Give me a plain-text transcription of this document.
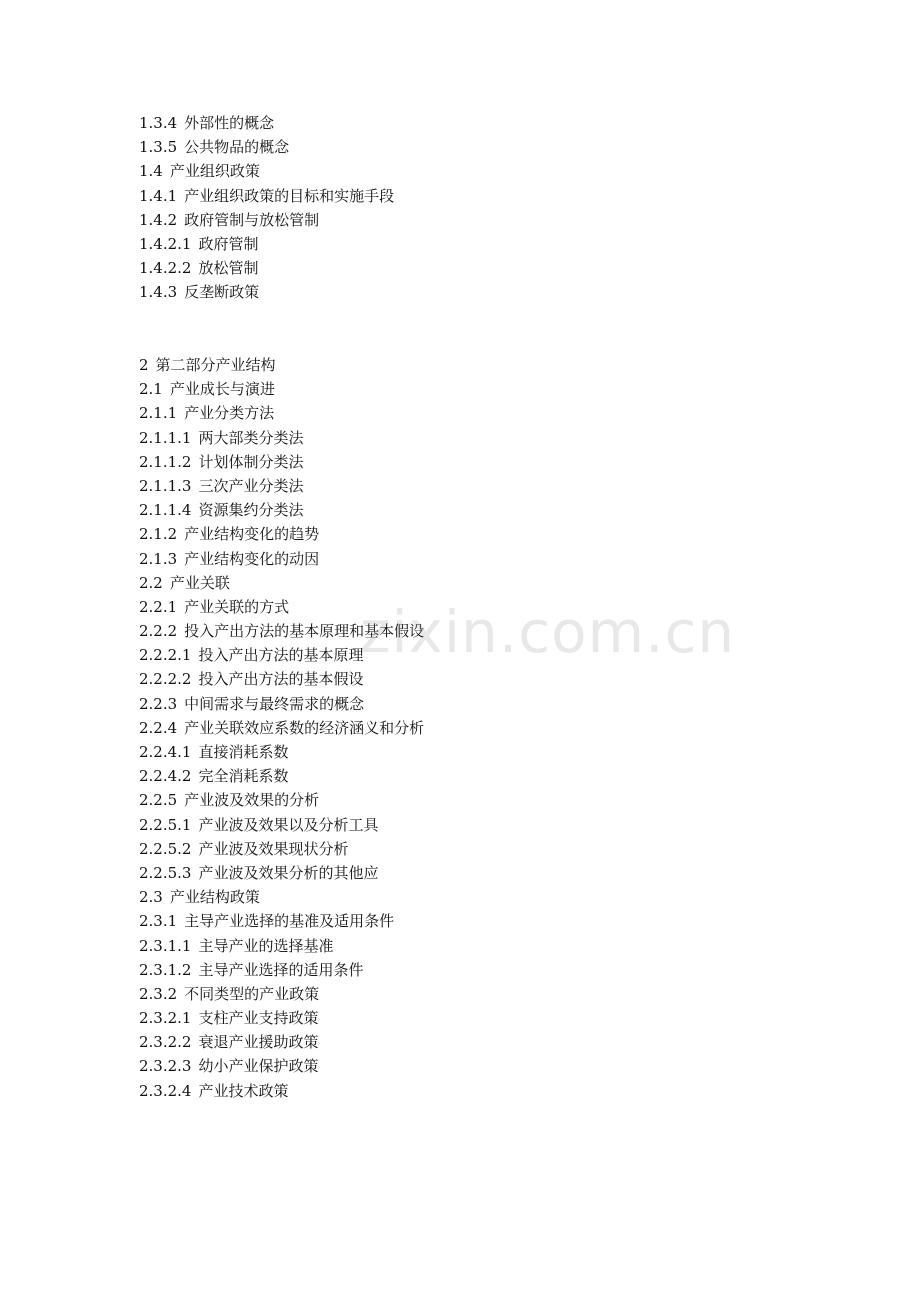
1.3.4 外部性的概念
1.3.5 公共物品的概念
1.4 产业组织政策
1.4.1 产业组织政策的目标和实施手段
1.4.2 政府管制与放松管制
1.4.2.1 政府管制
1.4.2.2 放松管制
1.4.3 反垄断政策
2 第二部分产业结构
2.1 产业成长与演进
2.1.1 产业分类方法
2.1.1.1 两大部类分类法
2.1.1.2 计划体制分类法
2.1.1.3 三次产业分类法
2.1.1.4 资源集约分类法
2.1.2 产业结构变化的趋势
2.1.3 产业结构变化的动因
2.2 产业关联
2.2.1 产业关联的方式
2.2.2 投入产出方法的基本原理和基本假设
2.2.2.1 投入产出方法的基本原理
2.2.2.2 投入产出方法的基本假设
2.2.3 中间需求与最终需求的概念
2.2.4 产业关联效应系数的经济涵义和分析
2.2.4.1 直接消耗系数
2.2.4.2 完全消耗系数
2.2.5 产业波及效果的分析
2.2.5.1 产业波及效果以及分析工具
2.2.5.2 产业波及效果现状分析
2.2.5.3 产业波及效果分析的其他应
2.3 产业结构政策
2.3.1 主导产业选择的基准及适用条件
2.3.1.1 主导产业的选择基准
2.3.1.2 主导产业选择的适用条件
2.3.2 不同类型的产业政策
2.3.2.1 支柱产业支持政策
2.3.2.2 衰退产业援助政策
2.3.2.3 幼小产业保护政策
2.3.2.4 产业技术政策
zixin.com.cn
